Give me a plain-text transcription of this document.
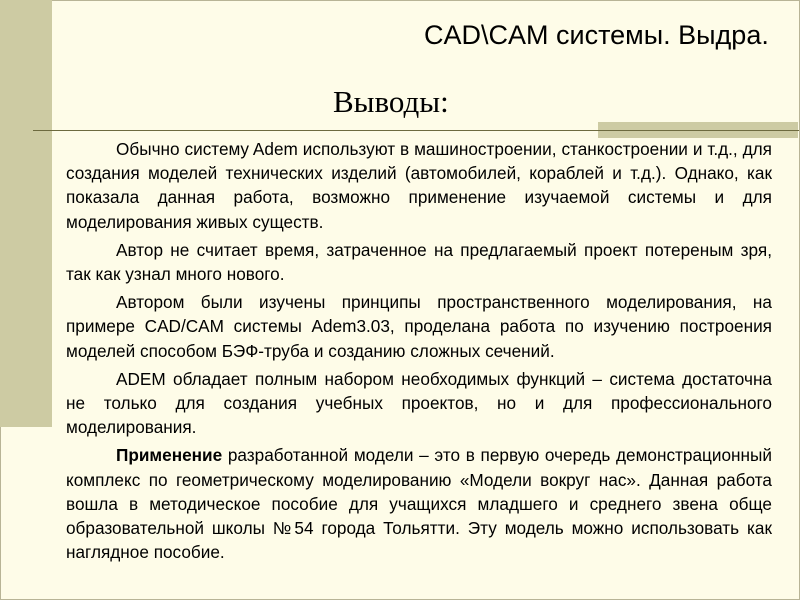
CAD\CAM системы. Выдра.
Выводы:

Обычно системy Adem используют в машиностроении, станкостроении и т.д., для создания моделей технических изделий (автомобилей, кораблей и т.д.). Однако, как показала данная работа, возможно применение изучаемой системы и для моделирования живых существ.

Автор не считает время, затраченное на предлагаемый проект потереным зря, так как узнал много нового.

Автором были изучены принципы пространственного моделирования, на примере CAD/CAM системы Adem3.03, проделана работа по изучению построения моделей способом БЭФ-труба и созданию сложных сечений.

ADEM обладает полным набором необходимых функций – система достаточна не только для создания учебных проектов, но и для профессионального моделирования.

Применение разработанной модели – это в первую очередь демонстрационный комплекс по геометрическому моделированию «Модели вокруг нас». Данная работа вошла в методическое пособие для учащихся младшего и среднего звена обще образовательной школы №54 города Тольятти. Эту модель можно использовать как наглядное пособие.
